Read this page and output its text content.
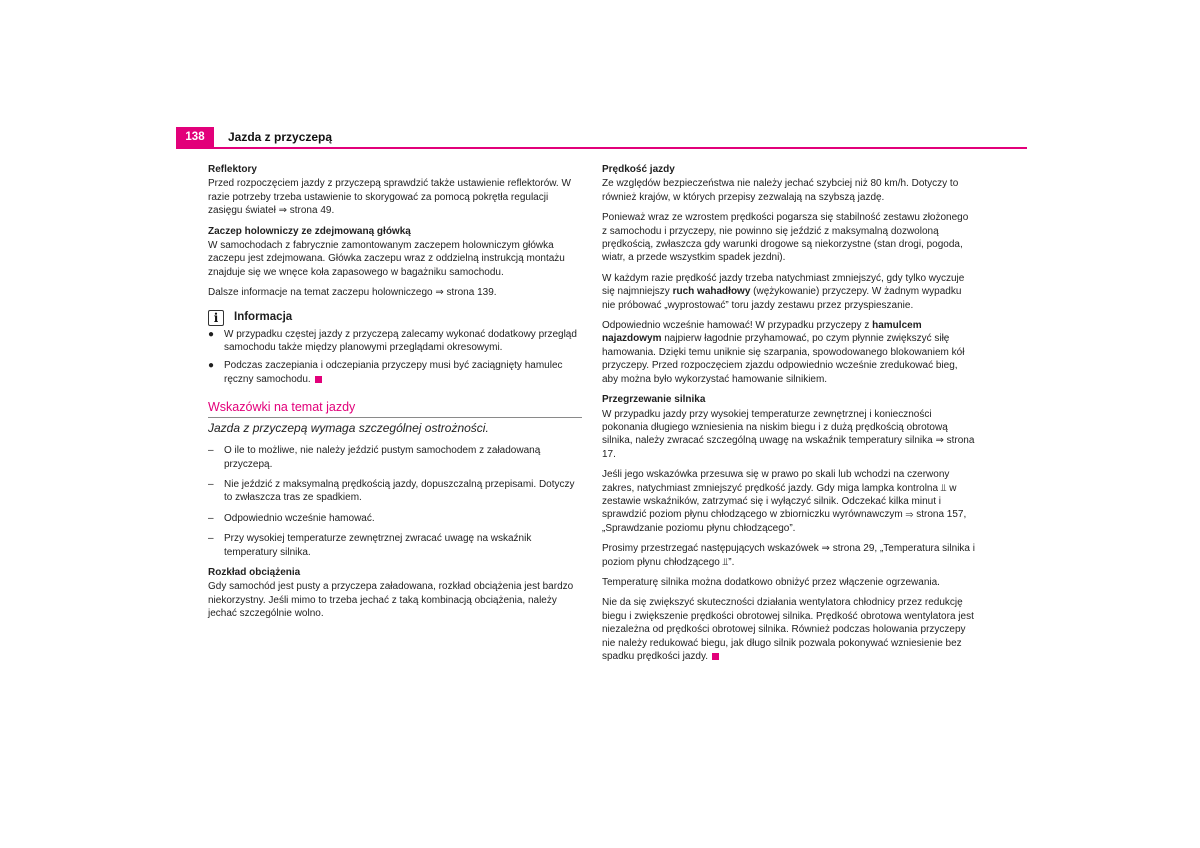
138	Jazda z przyczepą
Reflektory

Przed rozpoczęciem jazdy z przyczepą sprawdzić także ustawienie reflektorów. W razie potrzeby trzeba ustawienie to skorygować za pomocą pokrętła regulacji zasięgu świateł ⇒ strona 49.

Zaczep holowniczy ze zdejmowaną główką

W samochodach z fabrycznie zamontowanym zaczepem holowniczym główka zaczepu jest zdejmowana. Główka zaczepu wraz z oddzielną instrukcją montażu znajduje się we wnęce koła zapasowego w bagażniku samochodu.

Dalsze informacje na temat zaczepu holowniczego ⇒ strona 139.

i Informacja
● W przypadku częstej jazdy z przyczepą zalecamy wykonać dodatkowy przegląd samochodu także między planowymi przeglądami okresowymi.
● Podczas zaczepiania i odczepiania przyczepy musi być zaciągnięty hamulec ręczny samochodu.
Wskazówki na temat jazdy
Jazda z przyczepą wymaga szczególnej ostrożności.
–	O ile to możliwe, nie należy jeździć pustym samochodem z załadowaną przyczepą.
–	Nie jeździć z maksymalną prędkością jazdy, dopuszczalną przepisami. Dotyczy to zwłaszcza tras ze spadkiem.
–	Odpowiednio wcześnie hamować.
–	Przy wysokiej temperaturze zewnętrznej zwracać uwagę na wskaźnik temperatury silnika.
Rozkład obciążenia

Gdy samochód jest pusty a przyczepa załadowana, rozkład obciążenia jest bardzo niekorzystny. Jeśli mimo to trzeba jechać z taką kombinacją obciążenia, należy jechać szczególnie wolno.

Prędkość jazdy

Ze względów bezpieczeństwa nie należy jechać szybciej niż 80 km/h. Dotyczy to również krajów, w których przepisy zezwalają na szybszą jazdę.

Ponieważ wraz ze wzrostem prędkości pogarsza się stabilność zestawu złożonego z samochodu i przyczepy, nie powinno się jeździć z maksymalną dozwoloną prędkością, zwłaszcza gdy warunki drogowe są niekorzystne (stan drogi, pogoda, wiatr, a przede wszystkim spadek jezdni).

W każdym razie prędkość jazdy trzeba natychmiast zmniejszyć, gdy tylko wyczuje się najmniejszy ruch wahadłowy (wężykowanie) przyczepy. W żadnym wypadku nie próbować „wyprostować” toru jazdy zestawu przez przyspieszanie.

Odpowiednio wcześnie hamować! W przypadku przyczepy z hamulcem najazdowym najpierw łagodnie przyhamować, po czym płynnie zwiększyć siłę hamowania. Dzięki temu uniknie się szarpania, spowodowanego blokowaniem kół przyczepy. Przed rozpoczęciem zjazdu odpowiednio wcześnie zredukować bieg, aby można było wykorzystać hamowanie silnikiem.

Przegrzewanie silnika

W przypadku jazdy przy wysokiej temperaturze zewnętrznej i konieczności pokonania długiego wzniesienia na niskim biegu i z dużą prędkością obrotową silnika, należy zwracać szczególną uwagę na wskaźnik temperatury silnika ⇒ strona 17.

Jeśli jego wskazówka przesuwa się w prawo po skali lub wchodzi na czerwony zakres, natychmiast zmniejszyć prędkość jazdy. Gdy miga lampka kontrolna ⫫ w zestawie wskaźników, zatrzymać się i wyłączyć silnik. Odczekać kilka minut i sprawdzić poziom płynu chłodzącego w zbiorniczku wyrównawczym ⇒ strona 157, „Sprawdzanie poziomu płynu chłodzącego”.

Prosimy przestrzegać następujących wskazówek ⇒ strona 29, „Temperatura silnika i poziom płynu chłodzącego ⫫”.

Temperaturę silnika można dodatkowo obniżyć przez włączenie ogrzewania.

Nie da się zwiększyć skuteczności działania wentylatora chłodnicy przez redukcję biegu i zwiększenie prędkości obrotowej silnika. Prędkość obrotowa wentylatora jest niezależna od prędkości obrotowej silnika. Również podczas holowania przyczepy nie należy redukować biegu, jak długo silnik pozwala pokonywać wzniesienie bez spadku prędkości jazdy.
